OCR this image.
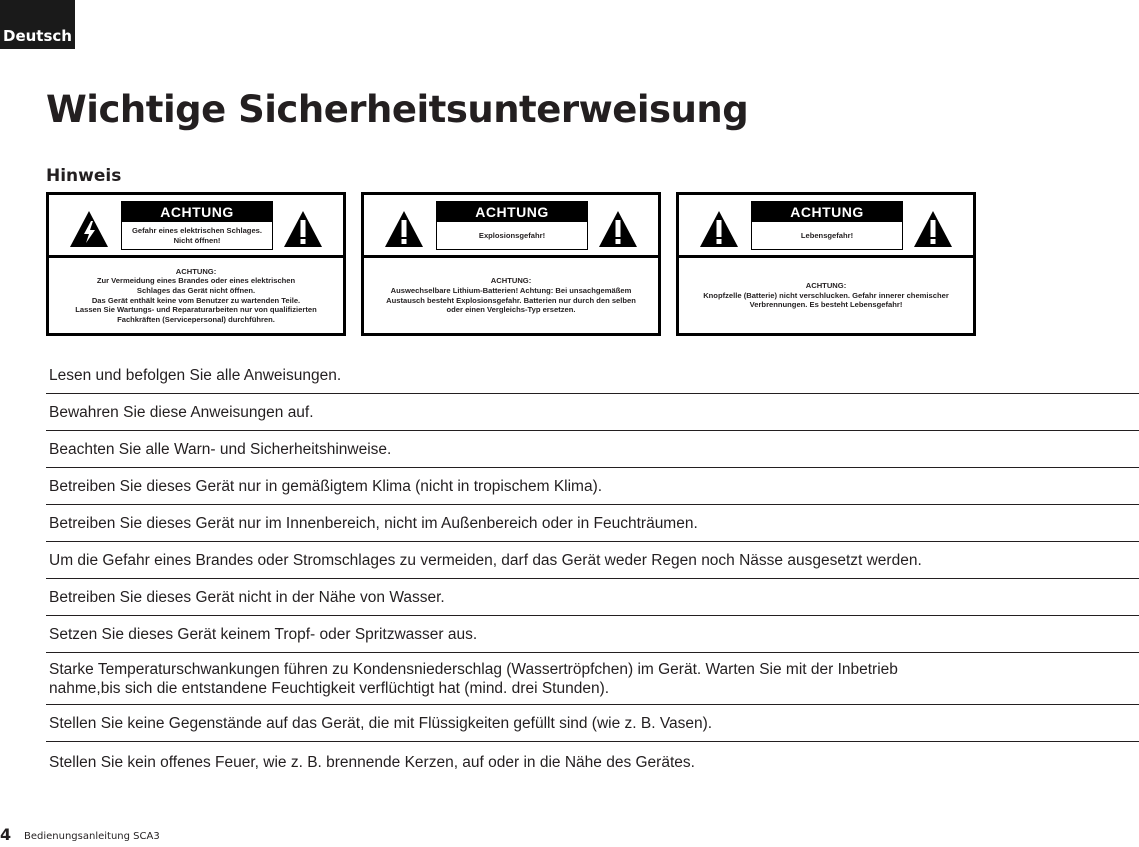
Deutsch
Wichtige Sicherheitsunterweisung
Hinweis
ACHTUNG
Gefahr eines elektrischen Schlages.
Nicht öffnen!
ACHTUNG:
Zur Vermeidung eines Brandes oder eines elektrischen
Schlages das Gerät nicht öffnen.
Das Gerät enthält keine vom Benutzer zu wartenden Teile.
Lassen Sie Wartungs- und Reparaturarbeiten nur von qualifizierten
Fachkräften (Servicepersonal) durchführen.
ACHTUNG
Explosionsgefahr!
ACHTUNG:
Auswechselbare Lithium-Batterien! Achtung: Bei unsachgemäßem
Austausch besteht Explosionsgefahr. Batterien nur durch den selben
oder einen Vergleichs-Typ ersetzen.
ACHTUNG
Lebensgefahr!
ACHTUNG:
Knopfzelle (Batterie) nicht verschlucken. Gefahr innerer chemischer
Verbrennungen. Es besteht Lebensgefahr!
Lesen und befolgen Sie alle Anweisungen.
Bewahren Sie diese Anweisungen auf.
Beachten Sie alle Warn- und Sicherheitshinweise.
Betreiben Sie dieses Gerät nur in gemäßigtem Klima (nicht in tropischem Klima).
Betreiben Sie dieses Gerät nur im Innenbereich, nicht im Außenbereich oder in Feuchträumen.
Um die Gefahr eines Brandes oder Stromschlages zu vermeiden, darf das Gerät weder Regen noch Nässe ausgesetzt werden.
Betreiben Sie dieses Gerät nicht in der Nähe von Wasser.
Setzen Sie dieses Gerät keinem Tropf- oder Spritzwasser aus.
Starke Temperaturschwankungen führen zu Kondensniederschlag (Wassertröpfchen) im Gerät. Warten Sie mit der Inbetrieb
nahme,bis sich die entstandene Feuchtigkeit verflüchtigt hat (mind. drei Stunden).
Stellen Sie keine Gegenstände auf das Gerät, die mit Flüssigkeiten gefüllt sind (wie z. B. Vasen).
Stellen Sie kein offenes Feuer, wie z. B. brennende Kerzen, auf oder in die Nähe des Gerätes.
4 Bedienungsanleitung SCA3
